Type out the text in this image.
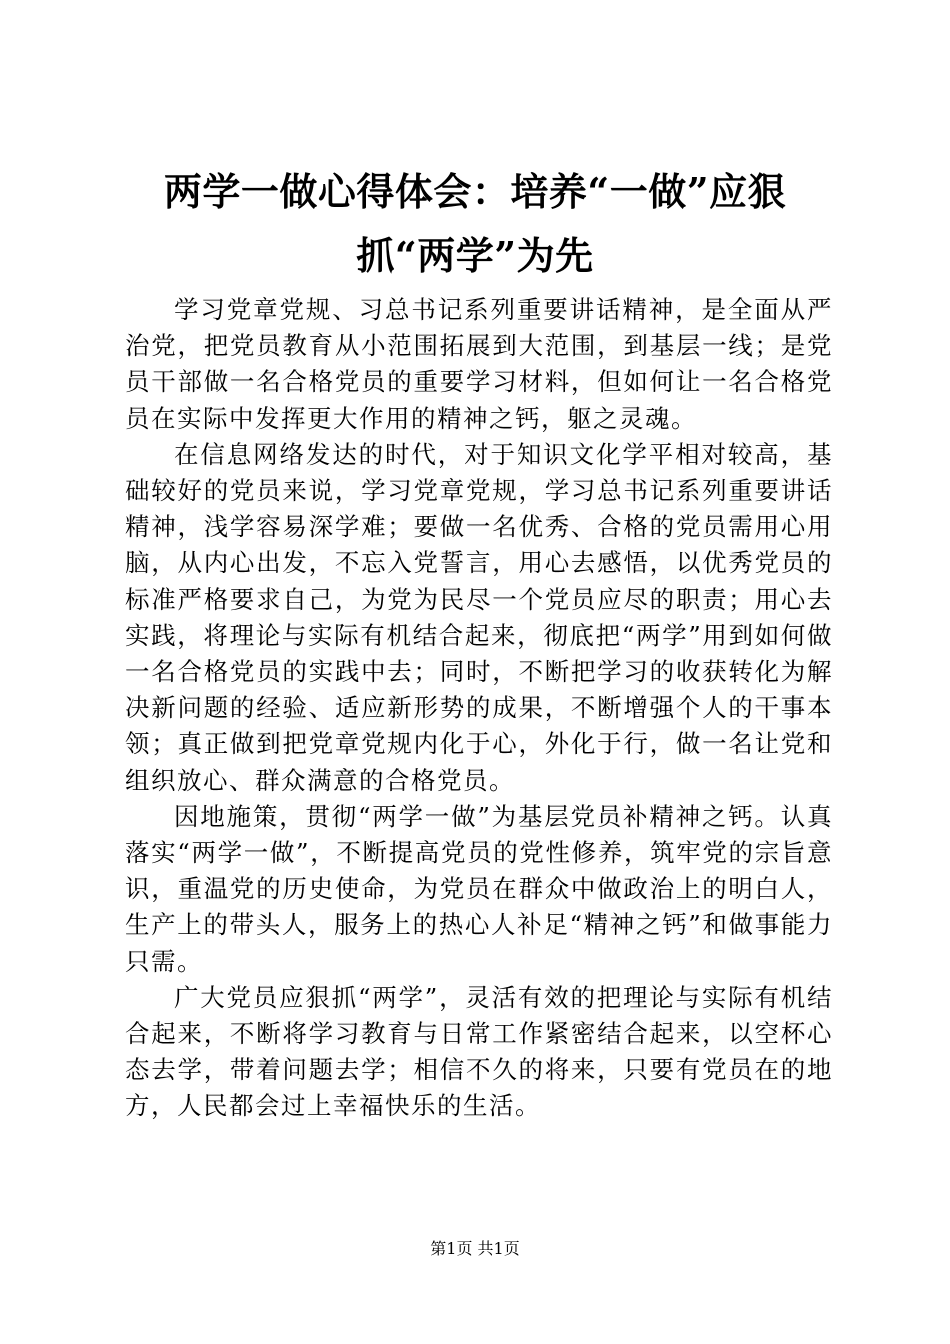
两学一做心得体会：培养“一做”应狠抓“两学”为先

学习党章党规、习总书记系列重要讲话精神，是全面从严治党，把党员教育从小范围拓展到大范围，到基层一线；是党员干部做一名合格党员的重要学习材料，但如何让一名合格党员在实际中发挥更大作用的精神之钙，躯之灵魂。

在信息网络发达的时代，对于知识文化学平相对较高，基础较好的党员来说，学习党章党规，学习总书记系列重要讲话精神，浅学容易深学难；要做一名优秀、合格的党员需用心用脑，从内心出发，不忘入党誓言，用心去感悟，以优秀党员的标准严格要求自己，为党为民尽一个党员应尽的职责；用心去实践，将理论与实际有机结合起来，彻底把“两学”用到如何做一名合格党员的实践中去；同时，不断把学习的收获转化为解决新问题的经验、适应新形势的成果，不断增强个人的干事本领；真正做到把党章党规内化于心，外化于行，做一名让党和组织放心、群众满意的合格党员。

因地施策，贯彻“两学一做”为基层党员补精神之钙。认真落实“两学一做”，不断提高党员的党性修养，筑牢党的宗旨意识，重温党的历史使命，为党员在群众中做政治上的明白人，生产上的带头人，服务上的热心人补足“精神之钙”和做事能力只需。

广大党员应狠抓“两学”，灵活有效的把理论与实际有机结合起来，不断将学习教育与日常工作紧密结合起来，以空杯心态去学，带着问题去学；相信不久的将来，只要有党员在的地方，人民都会过上幸福快乐的生活。

第1页 共1页
